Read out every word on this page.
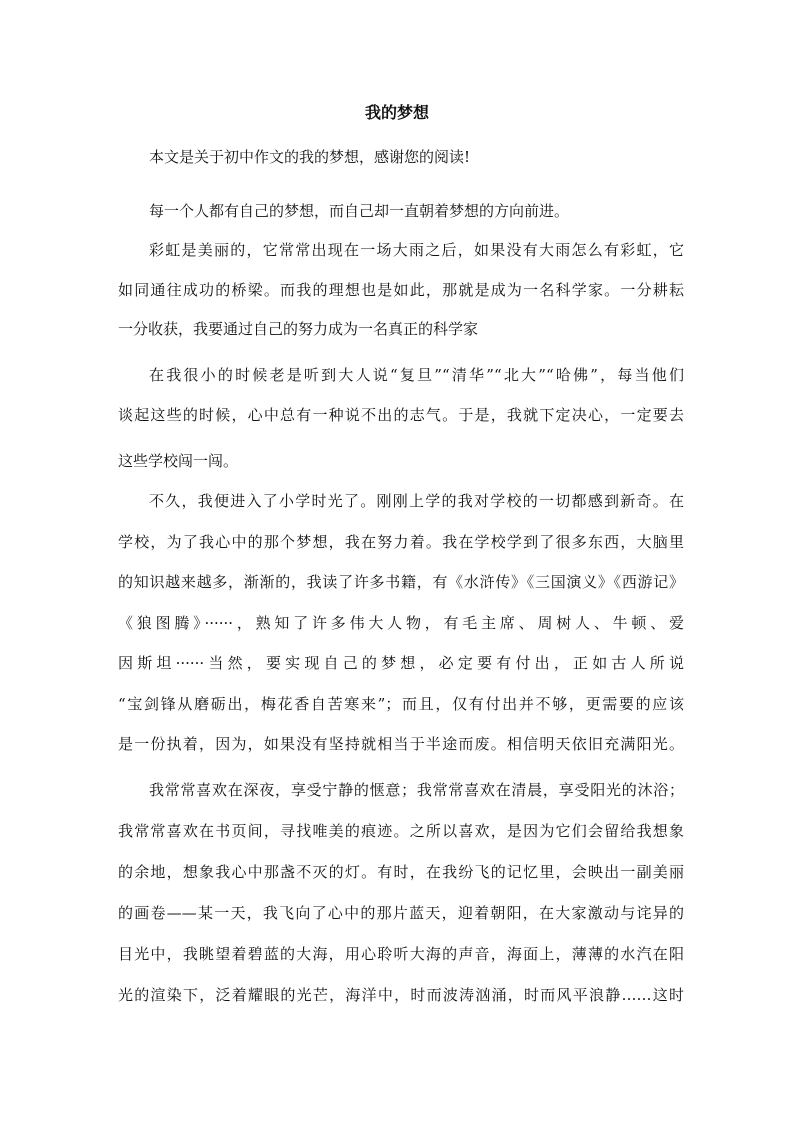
我的梦想
本文是关于初中作文的我的梦想，感谢您的阅读!
每一个人都有自己的梦想，而自己却一直朝着梦想的方向前进。
彩虹是美丽的，它常常出现在一场大雨之后，如果没有大雨怎么有彩虹，它
如同通往成功的桥梁。而我的理想也是如此，那就是成为一名科学家。一分耕耘
一分收获，我要通过自己的努力成为一名真正的科学家
在我很小的时候老是听到大人说“复旦”“清华”“北大”“哈佛”，每当他们
谈起这些的时候，心中总有一种说不出的志气。于是，我就下定决心，一定要去
这些学校闯一闯。
不久，我便进入了小学时光了。刚刚上学的我对学校的一切都感到新奇。在
学校，为了我心中的那个梦想，我在努力着。我在学校学到了很多东西，大脑里
的知识越来越多，渐渐的，我读了许多书籍，有《水浒传》《三国演义》《西游记》
《狼图腾》······，熟知了许多伟大人物，有毛主席、周树人、牛顿、爱
因斯坦······当然，要实现自己的梦想，必定要有付出，正如古人所说
“宝剑锋从磨砺出，梅花香自苦寒来”；而且，仅有付出并不够，更需要的应该
是一份执着，因为，如果没有坚持就相当于半途而废。相信明天依旧充满阳光。
我常常喜欢在深夜，享受宁静的惬意；我常常喜欢在清晨，享受阳光的沐浴；
我常常喜欢在书页间，寻找唯美的痕迹。之所以喜欢，是因为它们会留给我想象
的余地，想象我心中那盏不灭的灯。有时，在我纷飞的记忆里，会映出一副美丽
的画卷——某一天，我飞向了心中的那片蓝天，迎着朝阳，在大家激动与诧异的
目光中，我眺望着碧蓝的大海，用心聆听大海的声音，海面上，薄薄的水汽在阳
光的渲染下，泛着耀眼的光芒，海洋中，时而波涛汹涌，时而风平浪静……这时
